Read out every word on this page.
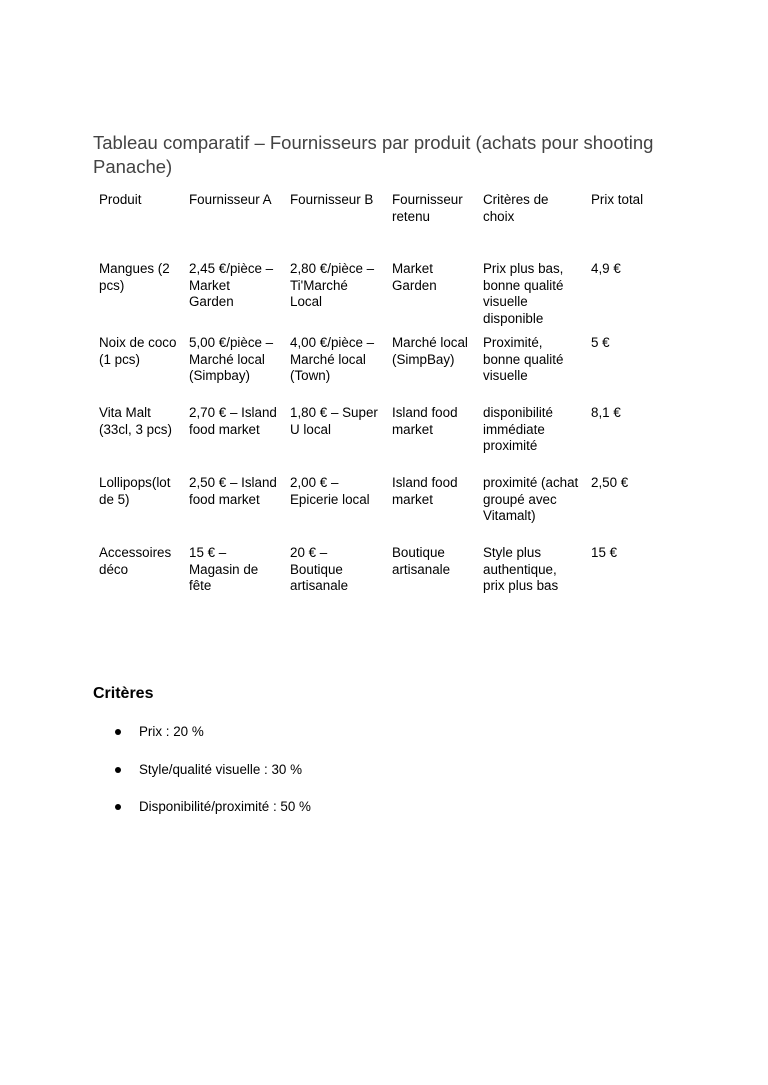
Tableau comparatif – Fournisseurs par produit (achats pour shooting Panache)
Produit	Fournisseur A	Fournisseur B	Fournisseur retenu	Critères de choix	Prix total
Mangues (2 pcs)	2,45 €/pièce – Market Garden	2,80 €/pièce – Ti'Marché Local	Market Garden	Prix plus bas, bonne qualité visuelle disponible	4,9 €
Noix de coco (1 pcs)	5,00 €/pièce – Marché local (Simpbay)	4,00 €/pièce – Marché local (Town)	Marché local (SimpBay)	Proximité, bonne qualité visuelle	5 €
Vita Malt (33cl, 3 pcs)	2,70 € – Island food market	1,80 € – Super U local	Island food market	disponibilité immédiate proximité	8,1 €
Lollipops(lot de 5)	2,50 € – Island food market	2,00 € – Epicerie local	Island food market	proximité (achat groupé avec Vitamalt)	2,50 €
Accessoires déco	15 € – Magasin de fête	20 € – Boutique artisanale	Boutique artisanale	Style plus authentique, prix plus bas	15 €
Critères
Prix : 20 %
Style/qualité visuelle : 30 %
Disponibilité/proximité : 50 %
